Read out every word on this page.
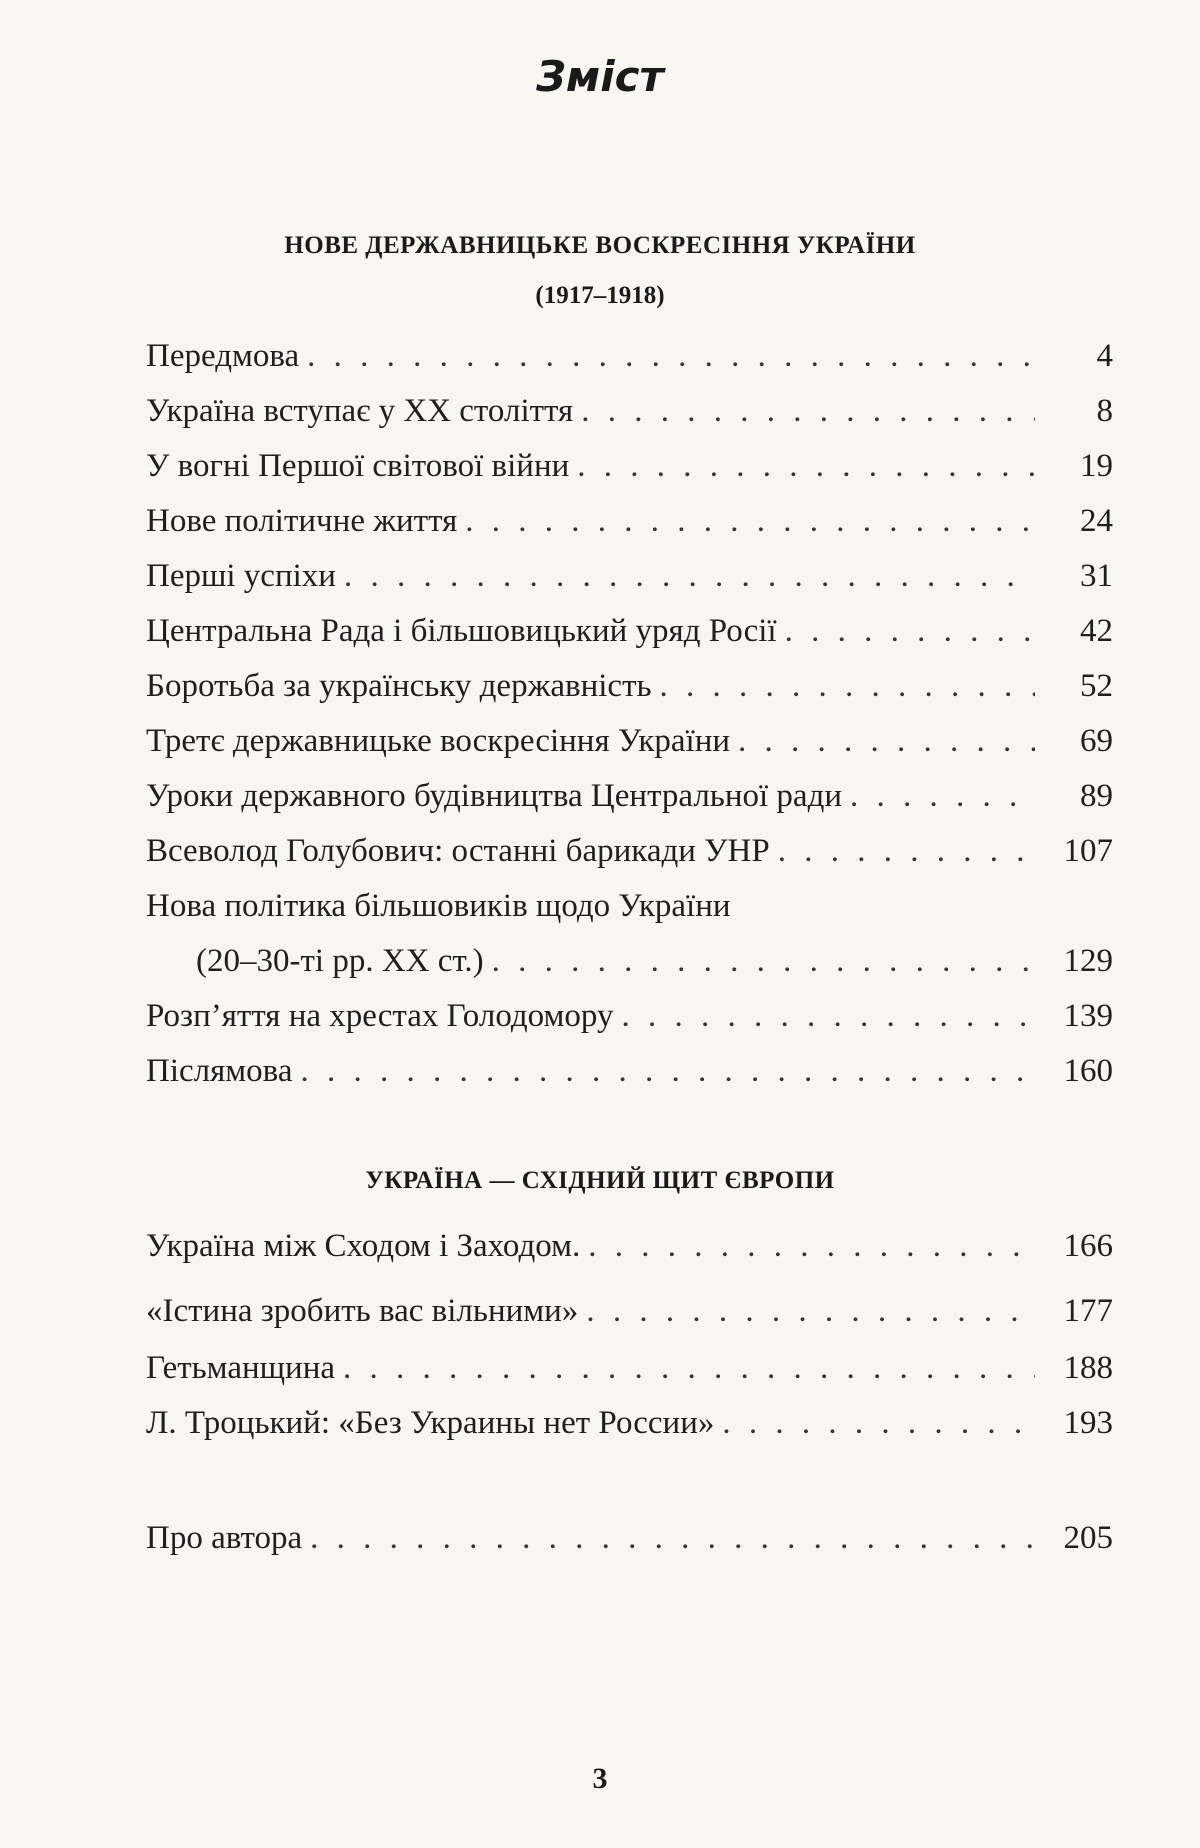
Зміст
НОВЕ ДЕРЖАВНИЦЬКЕ ВОСКРЕСІННЯ УКРАЇНИ
(1917–1918)
Передмова . . .	4
Україна вступає у XX століття . . .	8
У вогні Першої світової війни . . .	19
Нове політичне життя . . .	24
Перші успіхи . . .	31
Центральна Рада і більшовицький уряд Росії . . .	42
Боротьба за українську державність . . .	52
Третє державницьке воскресіння України . . .	69
Уроки державного будівництва Центральної ради . . .	89
Всеволод Голубович: останні барикади УНР . . .	107
Нова політика більшовиків щодо України
(20–30-ті рр. XX ст.) . . .	129
Розп’яття на хрестах Голодомору . . .	139
Післямова . . .	160
УКРАЇНА — СХІДНИЙ ЩИТ ЄВРОПИ
Україна між Сходом і Заходом. . . .	166
«Істина зробить вас вільними» . . .	177
Гетьманщина . . .	188
Л. Троцький: «Без Украины нет России» . . .	193
Про автора . . .	205
3
